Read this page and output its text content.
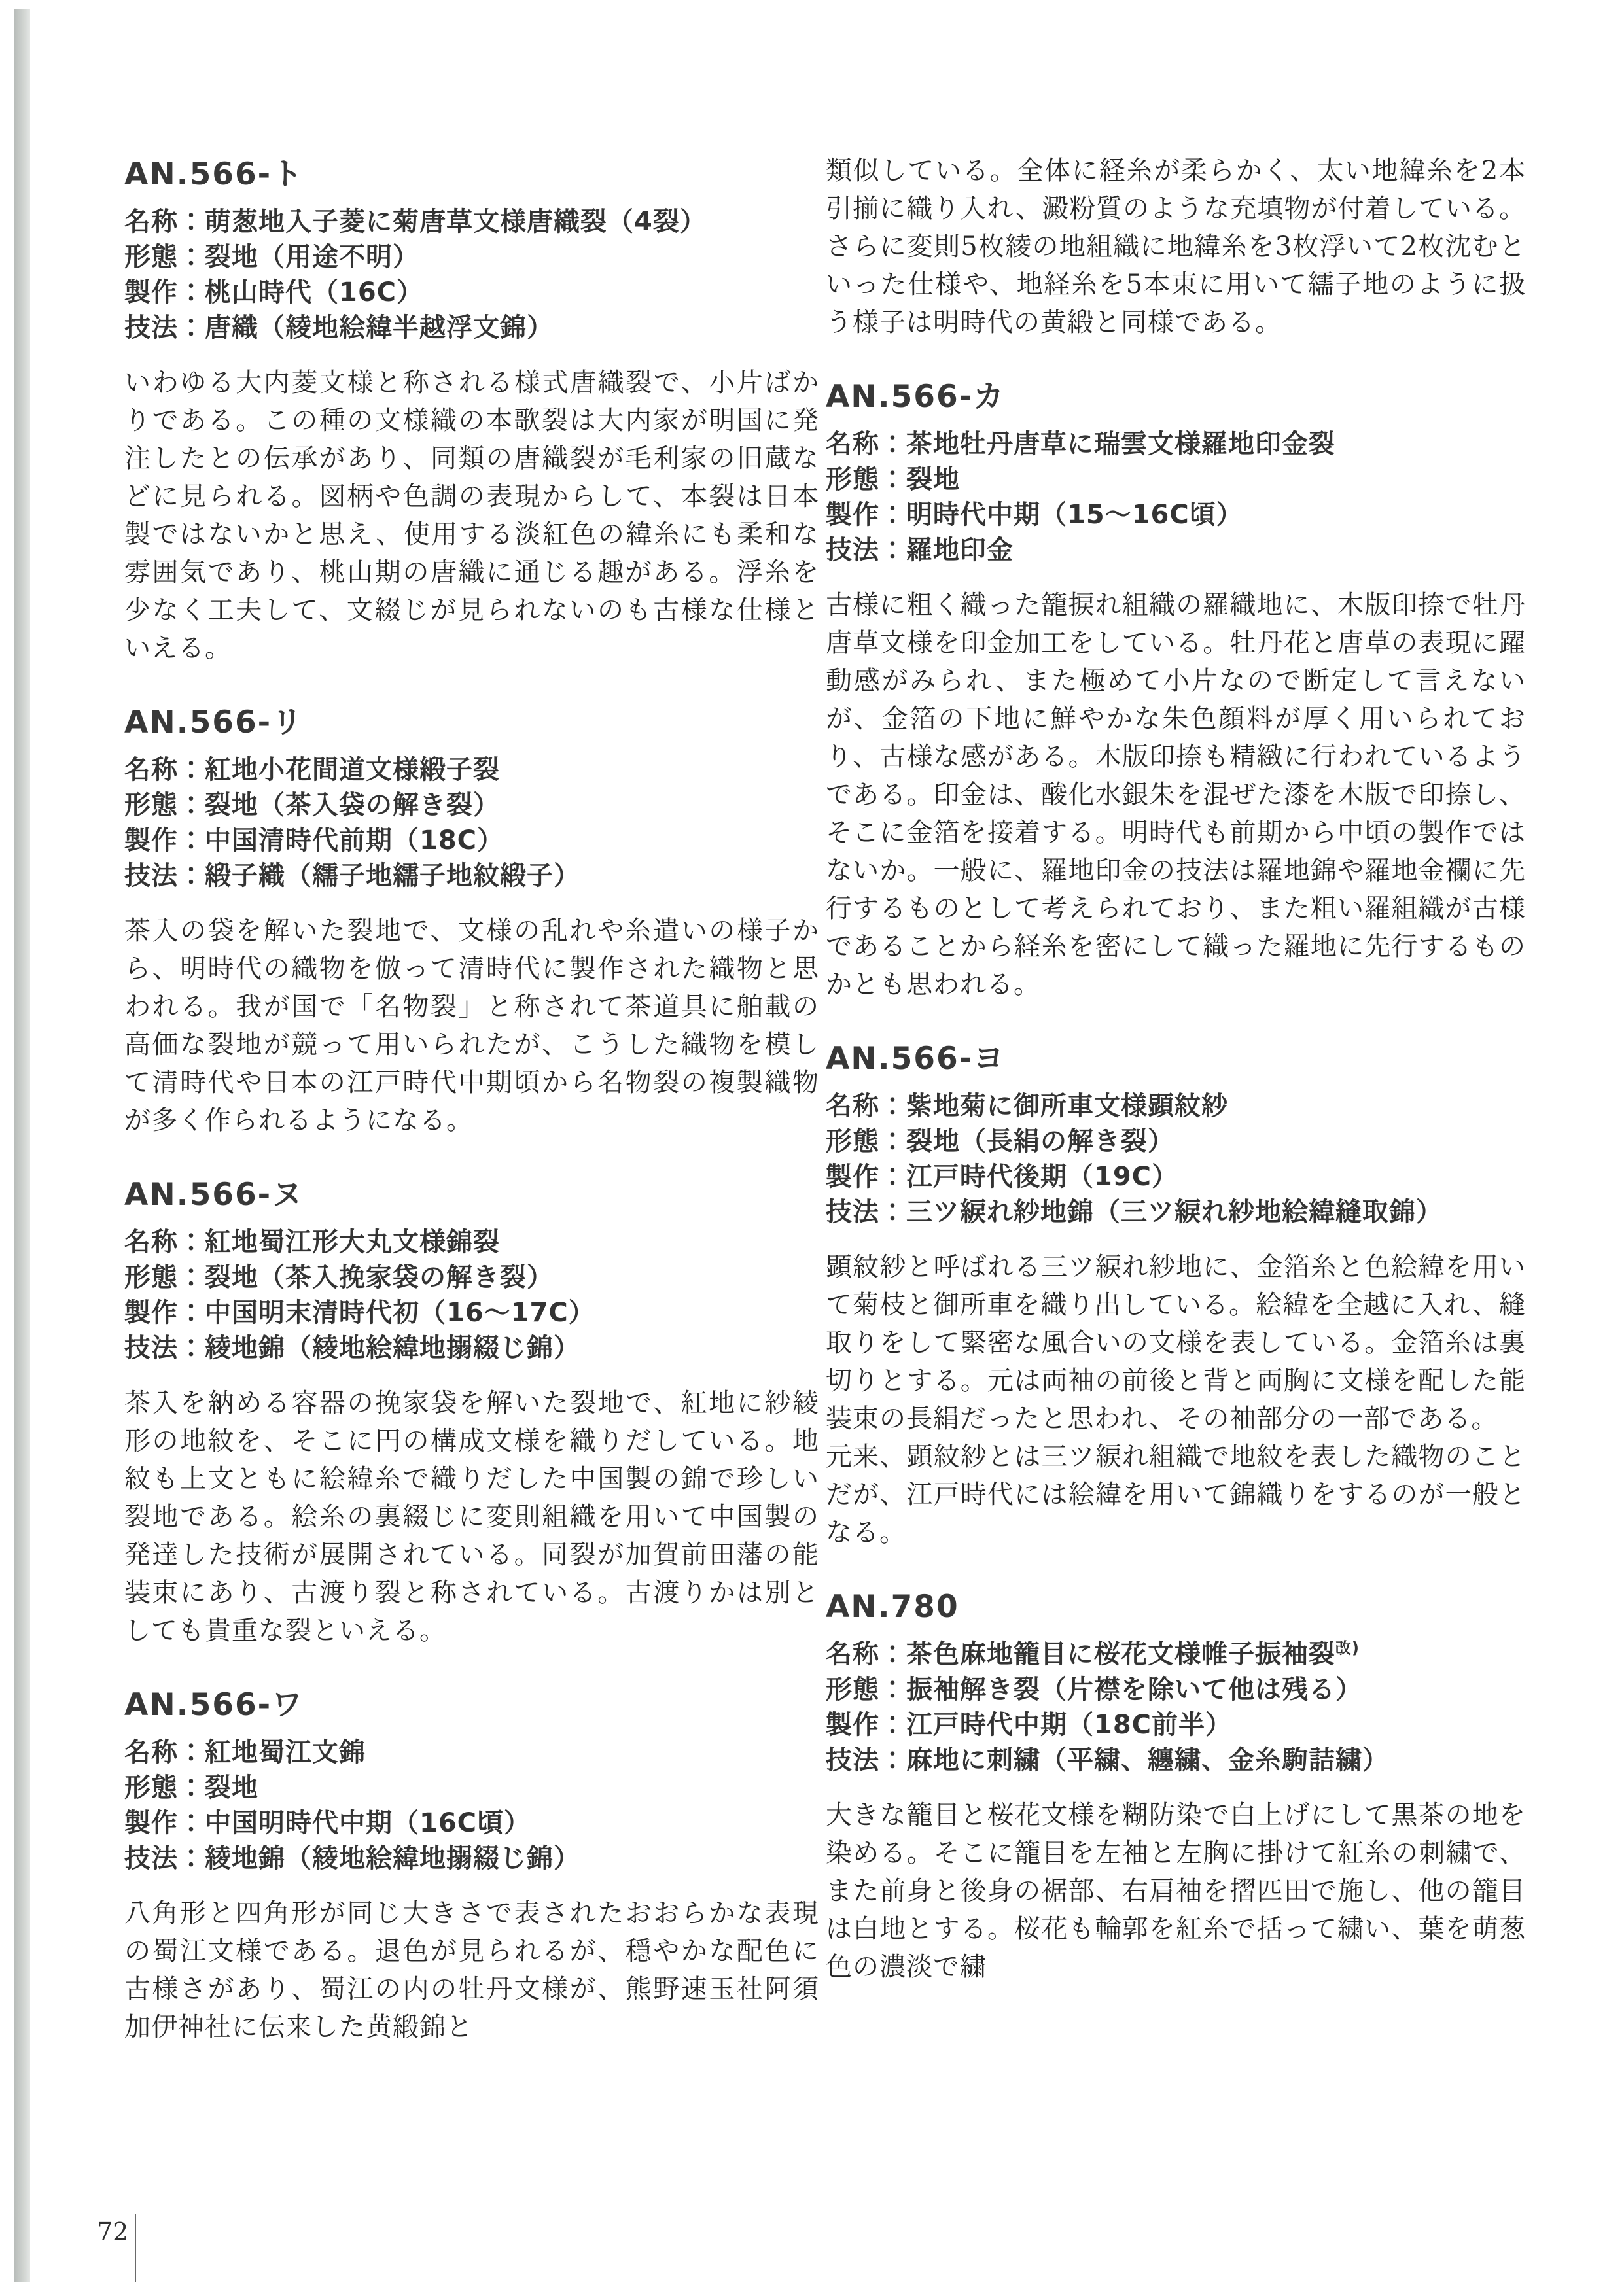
AN.566-ト
名称：萌葱地入子菱に菊唐草文様唐織裂（4裂）
形態：裂地（用途不明）
製作：桃山時代（16C）
技法：唐織（綾地絵緯半越浮文錦）

いわゆる大内菱文様と称される様式唐織裂で、小片ばかりである。この種の文様織の本歌裂は大内家が明国に発注したとの伝承があり、同類の唐織裂が毛利家の旧蔵などに見られる。図柄や色調の表現からして、本裂は日本製ではないかと思え、使用する淡紅色の緯糸にも柔和な雰囲気であり、桃山期の唐織に通じる趣がある。浮糸を少なく工夫して、文綴じが見られないのも古様な仕様といえる。

AN.566-リ
名称：紅地小花間道文様緞子裂
形態：裂地（茶入袋の解き裂）
製作：中国清時代前期（18C）
技法：緞子織（繻子地繻子地紋緞子）

茶入の袋を解いた裂地で、文様の乱れや糸遣いの様子から、明時代の織物を倣って清時代に製作された織物と思われる。我が国で「名物裂」と称されて茶道具に舶載の高価な裂地が競って用いられたが、こうした織物を模して清時代や日本の江戸時代中期頃から名物裂の複製織物が多く作られるようになる。

AN.566-ヌ
名称：紅地蜀江形大丸文様錦裂
形態：裂地（茶入挽家袋の解き裂）
製作：中国明末清時代初（16〜17C）
技法：綾地錦（綾地絵緯地搦綴じ錦）

茶入を納める容器の挽家袋を解いた裂地で、紅地に紗綾形の地紋を、そこに円の構成文様を織りだしている。地紋も上文ともに絵緯糸で織りだした中国製の錦で珍しい裂地である。絵糸の裏綴じに変則組織を用いて中国製の発達した技術が展開されている。同裂が加賀前田藩の能装束にあり、古渡り裂と称されている。古渡りかは別としても貴重な裂といえる。

AN.566-ワ
名称：紅地蜀江文錦
形態：裂地
製作：中国明時代中期（16C頃）
技法：綾地錦（綾地絵緯地搦綴じ錦）

八角形と四角形が同じ大きさで表されたおおらかな表現の蜀江文様である。退色が見られるが、穏やかな配色に古様さがあり、蜀江の内の牡丹文様が、熊野速玉社阿須加伊神社に伝来した黄緞錦と

類似している。全体に経糸が柔らかく、太い地緯糸を2本引揃に織り入れ、澱粉質のような充填物が付着している。さらに変則5枚綾の地組織に地緯糸を3枚浮いて2枚沈むといった仕様や、地経糸を5本束に用いて繻子地のように扱う様子は明時代の黄緞と同様である。

AN.566-カ
名称：茶地牡丹唐草に瑞雲文様羅地印金裂
形態：裂地
製作：明時代中期（15〜16C頃）
技法：羅地印金

古様に粗く織った籠捩れ組織の羅織地に、木版印捺で牡丹唐草文様を印金加工をしている。牡丹花と唐草の表現に躍動感がみられ、また極めて小片なので断定して言えないが、金箔の下地に鮮やかな朱色顔料が厚く用いられており、古様な感がある。木版印捺も精緻に行われているようである。印金は、酸化水銀朱を混ぜた漆を木版で印捺し、そこに金箔を接着する。明時代も前期から中頃の製作ではないか。一般に、羅地印金の技法は羅地錦や羅地金襴に先行するものとして考えられており、また粗い羅組織が古様であることから経糸を密にして織った羅地に先行するものかとも思われる。

AN.566-ヨ
名称：紫地菊に御所車文様顕紋紗
形態：裂地（長絹の解き裂）
製作：江戸時代後期（19C）
技法：三ツ綟れ紗地錦（三ツ綟れ紗地絵緯縫取錦）

顕紋紗と呼ばれる三ツ綟れ紗地に、金箔糸と色絵緯を用いて菊枝と御所車を織り出している。絵緯を全越に入れ、縫取りをして緊密な風合いの文様を表している。金箔糸は裏切りとする。元は両袖の前後と背と両胸に文様を配した能装束の長絹だったと思われ、その袖部分の一部である。

元来、顕紋紗とは三ツ綟れ組織で地紋を表した織物のことだが、江戸時代には絵緯を用いて錦織りをするのが一般となる。

AN.780
名称：茶色麻地籠目に桜花文様帷子振袖裂$^{改)}$
形態：振袖解き裂（片襟を除いて他は残る）
製作：江戸時代中期（18C前半）
技法：麻地に刺繍（平繍、纏繍、金糸駒詰繍）

大きな籠目と桜花文様を糊防染で白上げにして黒茶の地を染める。そこに籠目を左袖と左胸に掛けて紅糸の刺繍で、また前身と後身の裾部、右肩袖を摺匹田で施し、他の籠目は白地とする。桜花も輪郭を紅糸で括って繍い、葉を萌葱色の濃淡で繍

72
